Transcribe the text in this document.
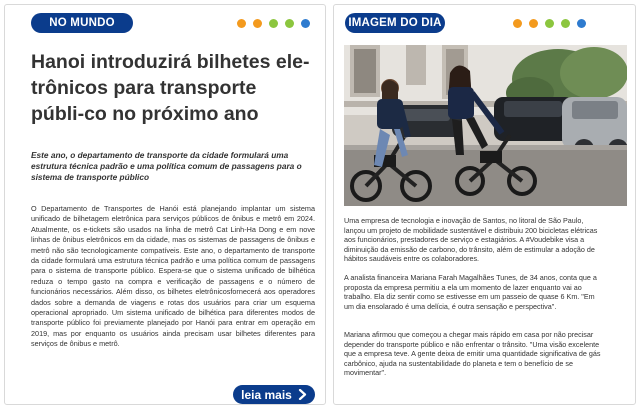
NO MUNDO
Hanoi introduzirá bilhetes ele-trônicos para transporte públi-co no próximo ano

Este ano, o departamento de transporte da cidade formulará uma estrutura técnica padrão e uma política comum de passagens para o sistema de transporte público

O Departamento de Transportes de Hanói está planejando implantar um sistema unificado de bilhetagem eletrônica para serviços públicos de ônibus e metrô em 2024. Atualmente, os e-tickets são usados na linha de metrô Cat Linh-Ha Dong e em nove linhas de ônibus eletrônicos em da cidade, mas os sistemas de passagens de ônibus e metrô não são tecnologicamente compatíveis. Este ano, o departamento de transporte da cidade formulará uma estrutura técnica padrão e uma política comum de passagens para o sistema de transporte público. Espera-se que o sistema unificado de bilhética reduza o tempo gasto na compra e verificação de passagens e o número de funcionários necessários. Além disso, os bilhetes eletrônicosfornecerá aos operadores dados sobre a demanda de viagens e rotas dos usuários para criar um esquema operacional apropriado. Um sistema unificado de bilhética para diferentes modos de transporte público foi previamente planejado por Hanói para entrar em operação em 2019, mas por enquanto os usuários ainda precisam usar bilhetes diferentes para serviços de ônibus e metrô.

leia mais
IMAGEM DO DIA

Uma empresa de tecnologia e inovação de Santos, no litoral de São Paulo, lançou um projeto de mobilidade sustentável e distribuiu 200 bicicletas elétricas aos funcionários, prestadores de serviço e estagiários. A #Voudebike visa a diminuição da emissão de carbono, do trânsito, além de estimular a adoção de hábitos saudáveis entre os colaboradores.

A analista financeira Mariana Farah Magalhães Tunes, de 34 anos, conta que a proposta da empresa permitiu a ela um momento de lazer enquanto vai ao trabalho. Ela diz sentir como se estivesse em um passeio de quase 6 Km. "Em um dia ensolarado é uma delícia, é outra sensação e perspectiva".

Mariana afirmou que começou a chegar mais rápido em casa por não precisar depender do transporte público e não enfrentar o trânsito. "Uma visão excelente que a empresa teve. A gente deixa de emitir uma quantidade significativa de gás carbônico, ajuda na sustentabilidade do planeta e tem o benefício de se movimentar".
